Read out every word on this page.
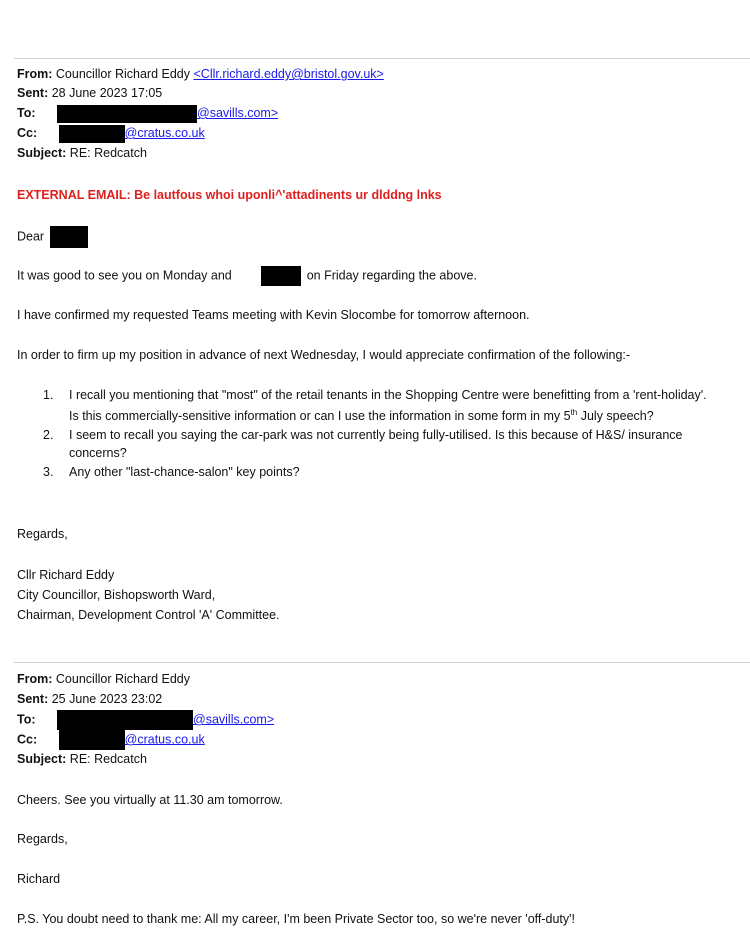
From: Councillor Richard Eddy <Cllr.richard.eddy@bristol.gov.uk>
Sent: 28 June 2023 17:05
To:	@savills.com>
Cc:	@cratus.co.uk
Subject: RE: Redcatch
EXTERNAL EMAIL: Be lautfous whoi uponli^'attadinents ur dlddng lnks
Dear
It was good to see you on Monday and	on Friday regarding the above.
I have confirmed my requested Teams meeting with Kevin Slocombe for tomorrow afternoon.
In order to firm up my position in advance of next Wednesday, I would appreciate confirmation of the following:-
1. I recall you mentioning that "most" of the retail tenants in the Shopping Centre were benefitting from a 'rent-holiday'. Is this commercially-sensitive information or can I use the information in some form in my 5th July speech?
2. I seem to recall you saying the car-park was not currently being fully-utilised. Is this because of H&S/ insurance concerns?
3. Any other "last-chance-salon" key points?
Regards,
Cllr Richard Eddy
City Councillor, Bishopsworth Ward,
Chairman, Development Control 'A' Committee.
From: Councillor Richard Eddy
Sent: 25 June 2023 23:02
To:	@savills.com>
Cc:	@cratus.co.uk
Subject: RE: Redcatch
Cheers. See you virtually at 11.30 am tomorrow.
Regards,
Richard
P.S. You doubt need to thank me: All my career, I'm been Private Sector too, so we're never 'off-duty'!
